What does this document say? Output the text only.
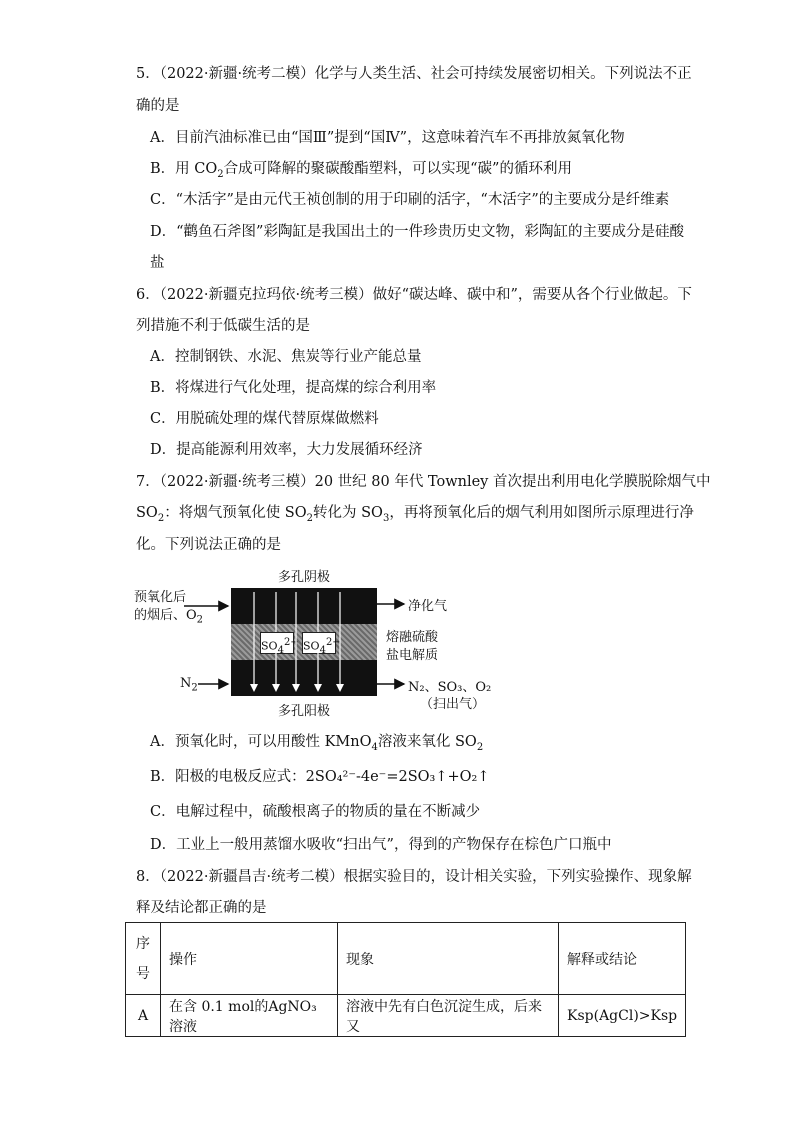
5．（2022·新疆·统考二模）化学与人类生活、社会可持续发展密切相关。下列说法不正
确的是
A．目前汽油标准已由“国Ⅲ”提到“国Ⅳ”，这意味着汽车不再排放氮氧化物
B．用 $CO_2$合成可降解的聚碳酸酯塑料，可以实现“碳”的循环利用
C．“木活字”是由元代王祯创制的用于印刷的活字，“木活字”的主要成分是纤维素
D．“鹳鱼石斧图”彩陶缸是我国出土的一件珍贵历史文物，彩陶缸的主要成分是硅酸
盐
6．（2022·新疆克拉玛依·统考三模）做好“碳达峰、碳中和”，需要从各个行业做起。下
列措施不利于低碳生活的是
A．控制钢铁、水泥、焦炭等行业产能总量
B．将煤进行气化处理，提高煤的综合利用率
C．用脱硫处理的煤代替原煤做燃料
D．提高能源利用效率，大力发展循环经济
7．（2022·新疆·统考三模）20 世纪 80 年代 Townley 首次提出利用电化学膜脱除烟气中
$SO_2$：将烟气预氧化使 $SO_2$转化为 $SO_3$，再将预氧化后的烟气利用如图所示原理进行净
化。下列说法正确的是
多孔阴极
预氧化后
的烟后、$O_2$
净化气
熔融硫酸
盐电解质
$N_2$	N₂、SO₃、O₂
（扫出气）
多孔阳极
$SO_4^{2-}$ $SO_4^{2-}$
A．预氧化时，可以用酸性 KMnO$_4$溶液来氧化 $SO_2$
B．阳极的电极反应式：2SO₄²⁻-4e⁻=2SO₃↑+O₂↑
C．电解过程中，硫酸根离子的物质的量在不断减少
D．工业上一般用蒸馏水吸收“扫出气”，得到的产物保存在棕色广口瓶中
8．（2022·新疆昌吉·统考二模）根据实验目的，设计相关实验，下列实验操作、现象解
释及结论都正确的是
序
号	操作	现象	解释或结论
A	在含 0.1 mol的AgNO₃溶液	溶液中先有白色沉淀生成，后来又	Ksp(AgCl)>Ksp
